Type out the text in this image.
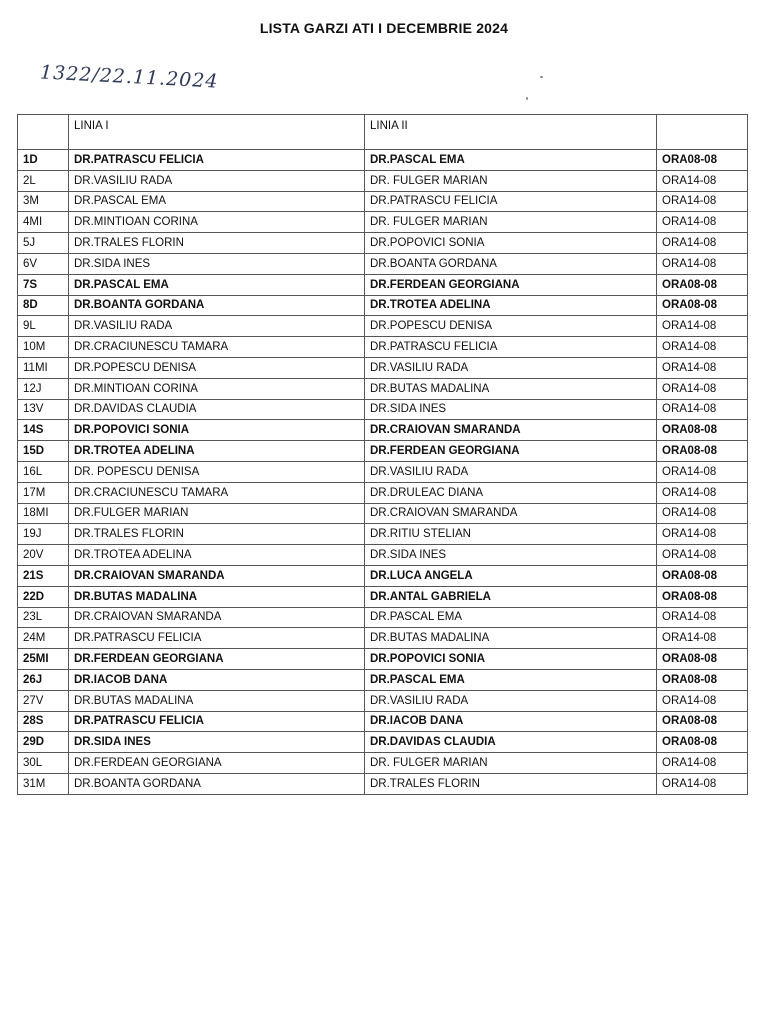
LISTA GARZI ATI I DECEMBRIE 2024
1322/22.11.2024
	LINIA I	LINIA II	
1D	DR.PATRASCU FELICIA	DR.PASCAL EMA	ORA08-08
2L	DR.VASILIU RADA	DR. FULGER MARIAN	ORA14-08
3M	DR.PASCAL EMA	DR.PATRASCU FELICIA	ORA14-08
4MI	DR.MINTIOAN CORINA	DR. FULGER MARIAN	ORA14-08
5J	DR.TRALES FLORIN	DR.POPOVICI SONIA	ORA14-08
6V	DR.SIDA INES	DR.BOANTA GORDANA	ORA14-08
7S	DR.PASCAL EMA	DR.FERDEAN GEORGIANA	ORA08-08
8D	DR.BOANTA GORDANA	DR.TROTEA ADELINA	ORA08-08
9L	DR.VASILIU RADA	DR.POPESCU DENISA	ORA14-08
10M	DR.CRACIUNESCU TAMARA	DR.PATRASCU FELICIA	ORA14-08
11MI	DR.POPESCU DENISA	DR.VASILIU RADA	ORA14-08
12J	DR.MINTIOAN CORINA	DR.BUTAS MADALINA	ORA14-08
13V	DR.DAVIDAS CLAUDIA	DR.SIDA INES	ORA14-08
14S	DR.POPOVICI SONIA	DR.CRAIOVAN SMARANDA	ORA08-08
15D	DR.TROTEA ADELINA	DR.FERDEAN GEORGIANA	ORA08-08
16L	DR. POPESCU DENISA	DR.VASILIU RADA	ORA14-08
17M	DR.CRACIUNESCU TAMARA	DR.DRULEAC DIANA	ORA14-08
18MI	DR.FULGER MARIAN	DR.CRAIOVAN SMARANDA	ORA14-08
19J	DR.TRALES FLORIN	DR.RITIU STELIAN	ORA14-08
20V	DR.TROTEA ADELINA	DR.SIDA INES	ORA14-08
21S	DR.CRAIOVAN SMARANDA	DR.LUCA ANGELA	ORA08-08
22D	DR.BUTAS MADALINA	DR.ANTAL GABRIELA	ORA08-08
23L	DR.CRAIOVAN SMARANDA	DR.PASCAL EMA	ORA14-08
24M	DR.PATRASCU FELICIA	DR.BUTAS MADALINA	ORA14-08
25MI	DR.FERDEAN GEORGIANA	DR.POPOVICI SONIA	ORA08-08
26J	DR.IACOB DANA	DR.PASCAL EMA	ORA08-08
27V	DR.BUTAS MADALINA	DR.VASILIU RADA	ORA14-08
28S	DR.PATRASCU FELICIA	DR.IACOB DANA	ORA08-08
29D	DR.SIDA INES	DR.DAVIDAS CLAUDIA	ORA08-08
30L	DR.FERDEAN GEORGIANA	DR. FULGER MARIAN	ORA14-08
31M	DR.BOANTA GORDANA	DR.TRALES FLORIN	ORA14-08
